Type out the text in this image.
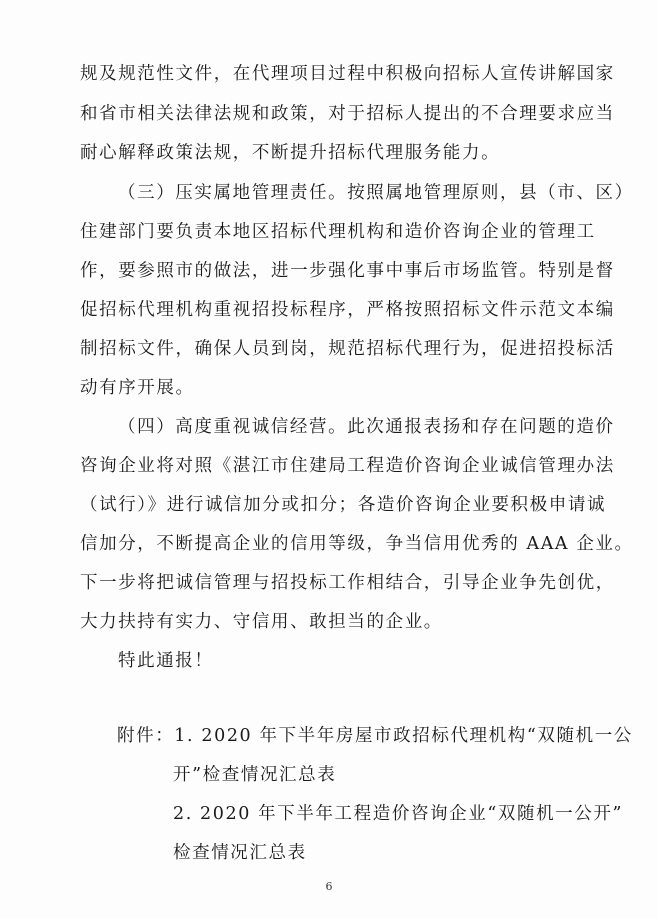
规及规范性文件，在代理项目过程中积极向招标人宣传讲解国家
和省市相关法律法规和政策，对于招标人提出的不合理要求应当
耐心解释政策法规，不断提升招标代理服务能力。
（三）压实属地管理责任。按照属地管理原则，县（市、区）
住建部门要负责本地区招标代理机构和造价咨询企业的管理工
作，要参照市的做法，进一步强化事中事后市场监管。特别是督
促招标代理机构重视招投标程序，严格按照招标文件示范文本编
制招标文件，确保人员到岗，规范招标代理行为，促进招投标活
动有序开展。
（四）高度重视诚信经营。此次通报表扬和存在问题的造价
咨询企业将对照《湛江市住建局工程造价咨询企业诚信管理办法
（试行）》进行诚信加分或扣分；各造价咨询企业要积极申请诚
信加分，不断提高企业的信用等级，争当信用优秀的 AAA 企业。
下一步将把诚信管理与招投标工作相结合，引导企业争先创优，
大力扶持有实力、守信用、敢担当的企业。
特此通报！
附件：1. 2020 年下半年房屋市政招标代理机构“双随机一公
开”检查情况汇总表
2. 2020 年下半年工程造价咨询企业“双随机一公开”
检查情况汇总表
6
